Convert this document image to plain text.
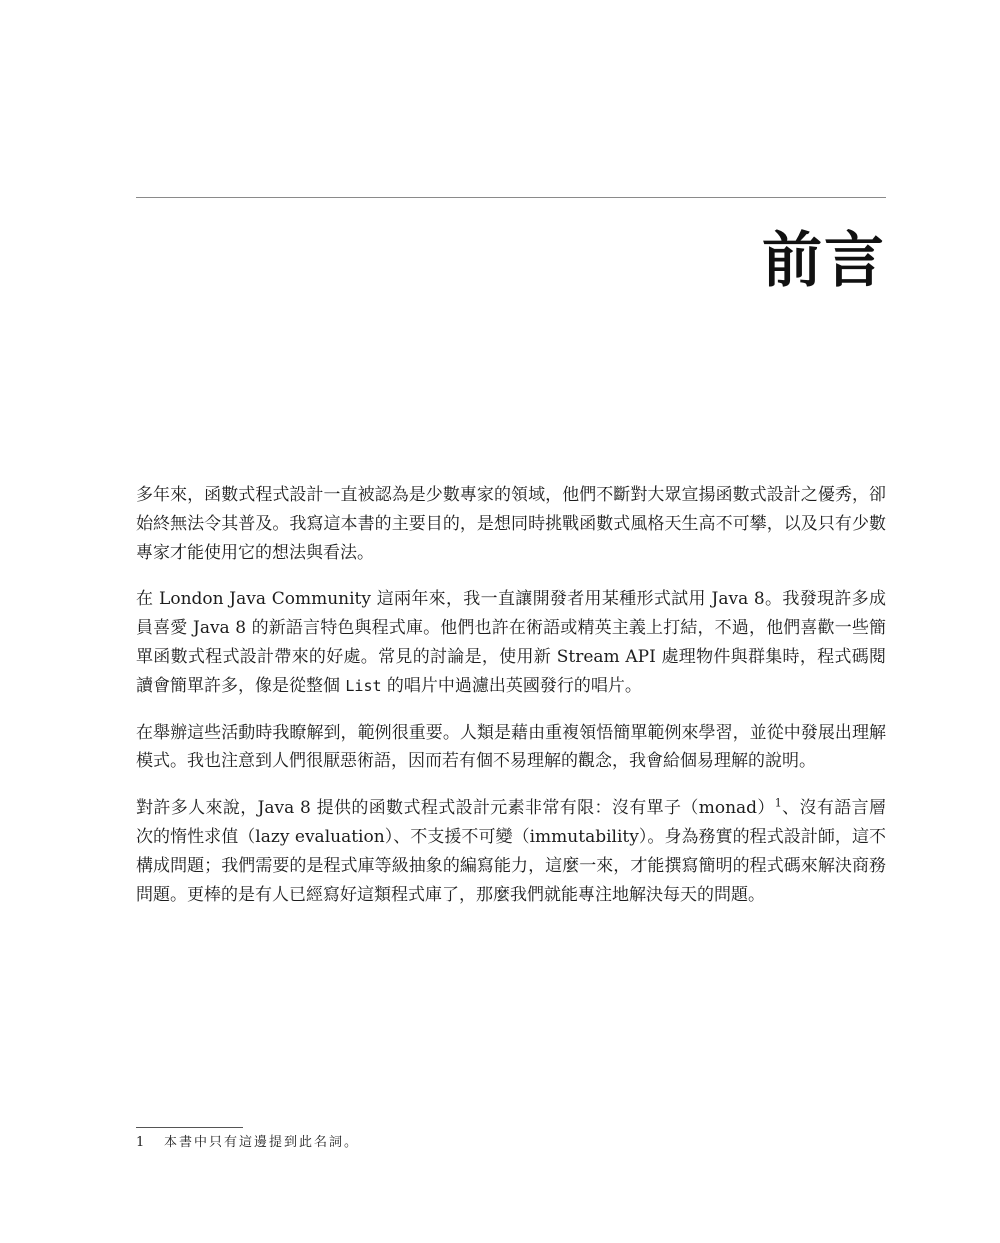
前言

多年來，函數式程式設計一直被認為是少數專家的領域，他們不斷對大眾宣揚函數式設計之優秀，卻始終無法令其普及。我寫這本書的主要目的，是想同時挑戰函數式風格天生高不可攀，以及只有少數專家才能使用它的想法與看法。

在 London Java Community 這兩年來，我一直讓開發者用某種形式試用 Java 8。我發現許多成員喜愛 Java 8 的新語言特色與程式庫。他們也許在術語或精英主義上打結，不過，他們喜歡一些簡單函數式程式設計帶來的好處。常見的討論是，使用新 Stream API 處理物件與群集時，程式碼閱讀會簡單許多，像是從整個 List 的唱片中過濾出英國發行的唱片。

在舉辦這些活動時我瞭解到，範例很重要。人類是藉由重複領悟簡單範例來學習，並從中發展出理解模式。我也注意到人們很厭惡術語，因而若有個不易理解的觀念，我會給個易理解的說明。

對許多人來說，Java 8 提供的函數式程式設計元素非常有限：沒有單子（monad）$^1$、沒有語言層次的惰性求值（lazy evaluation）、不支援不可變（immutability）。身為務實的程式設計師，這不構成問題；我們需要的是程式庫等級抽象的編寫能力，這麼一來，才能撰寫簡明的程式碼來解決商務問題。更棒的是有人已經寫好這類程式庫了，那麼我們就能專注地解決每天的問題。

1 本書中只有這邊提到此名詞。
